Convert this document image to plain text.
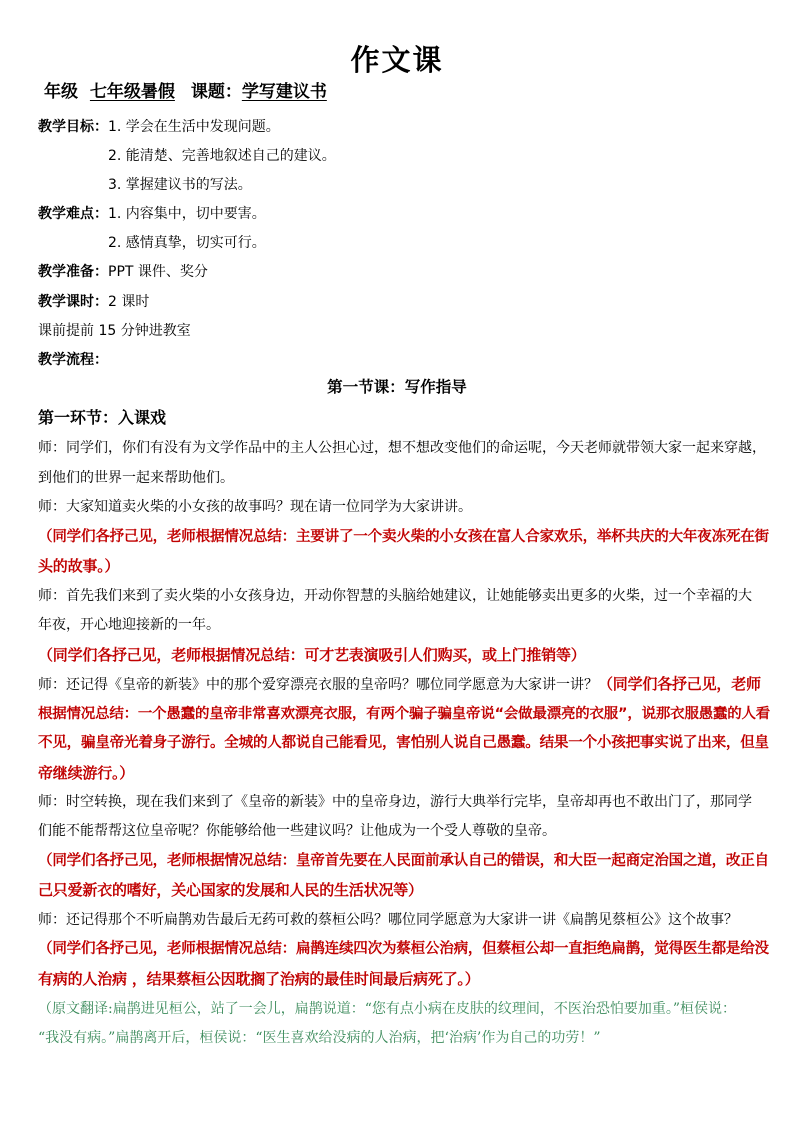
作文课
年级 七年级暑假 课题：学写建议书
教学目标：1. 学会在生活中发现问题。
2. 能清楚、完善地叙述自己的建议。
3. 掌握建议书的写法。
教学难点：1. 内容集中，切中要害。
2. 感情真挚，切实可行。
教学准备：PPT 课件、奖分
教学课时：2 课时
课前提前 15 分钟进教室
教学流程：
第一节课：写作指导
第一环节：入课戏
师：同学们，你们有没有为文学作品中的主人公担心过，想不想改变他们的命运呢，今天老师就带领大家一起来穿越，
到他们的世界一起来帮助他们。
师：大家知道卖火柴的小女孩的故事吗？现在请一位同学为大家讲讲。
（同学们各抒己见，老师根据情况总结：主要讲了一个卖火柴的小女孩在富人合家欢乐，举杯共庆的大年夜冻死在街
头的故事。）
师：首先我们来到了卖火柴的小女孩身边，开动你智慧的头脑给她建议，让她能够卖出更多的火柴，过一个幸福的大
年夜，开心地迎接新的一年。
（同学们各抒己见，老师根据情况总结：可才艺表演吸引人们购买，或上门推销等）
师：还记得《皇帝的新装》中的那个爱穿漂亮衣服的皇帝吗？哪位同学愿意为大家讲一讲？（同学们各抒己见，老师
根据情况总结：一个愚蠢的皇帝非常喜欢漂亮衣服，有两个骗子骗皇帝说“会做最漂亮的衣服”，说那衣服愚蠢的人看
不见，骗皇帝光着身子游行。全城的人都说自己能看见，害怕别人说自己愚蠢。结果一个小孩把事实说了出来，但皇
帝继续游行。）
师：时空转换，现在我们来到了《皇帝的新装》中的皇帝身边，游行大典举行完毕，皇帝却再也不敢出门了，那同学
们能不能帮帮这位皇帝呢？你能够给他一些建议吗？让他成为一个受人尊敬的皇帝。
（同学们各抒己见，老师根据情况总结：皇帝首先要在人民面前承认自己的错误，和大臣一起商定治国之道，改正自
己只爱新衣的嗜好，关心国家的发展和人民的生活状况等）
师：还记得那个不听扁鹊劝告最后无药可救的蔡桓公吗？哪位同学愿意为大家讲一讲《扁鹊见蔡桓公》这个故事？
（同学们各抒己见，老师根据情况总结：扁鹊连续四次为蔡桓公治病，但蔡桓公却一直拒绝扁鹊，觉得医生都是给没
有病的人治病 ，结果蔡桓公因耽搁了治病的最佳时间最后病死了。）
（原文翻译:扁鹊进见桓公，站了一会儿，扁鹊说道：“您有点小病在皮肤的纹理间，不医治恐怕要加重。”桓侯说：
“我没有病。”扁鹊离开后，桓侯说：“医生喜欢给没病的人治病，把‘治病’作为自己的功劳！”
